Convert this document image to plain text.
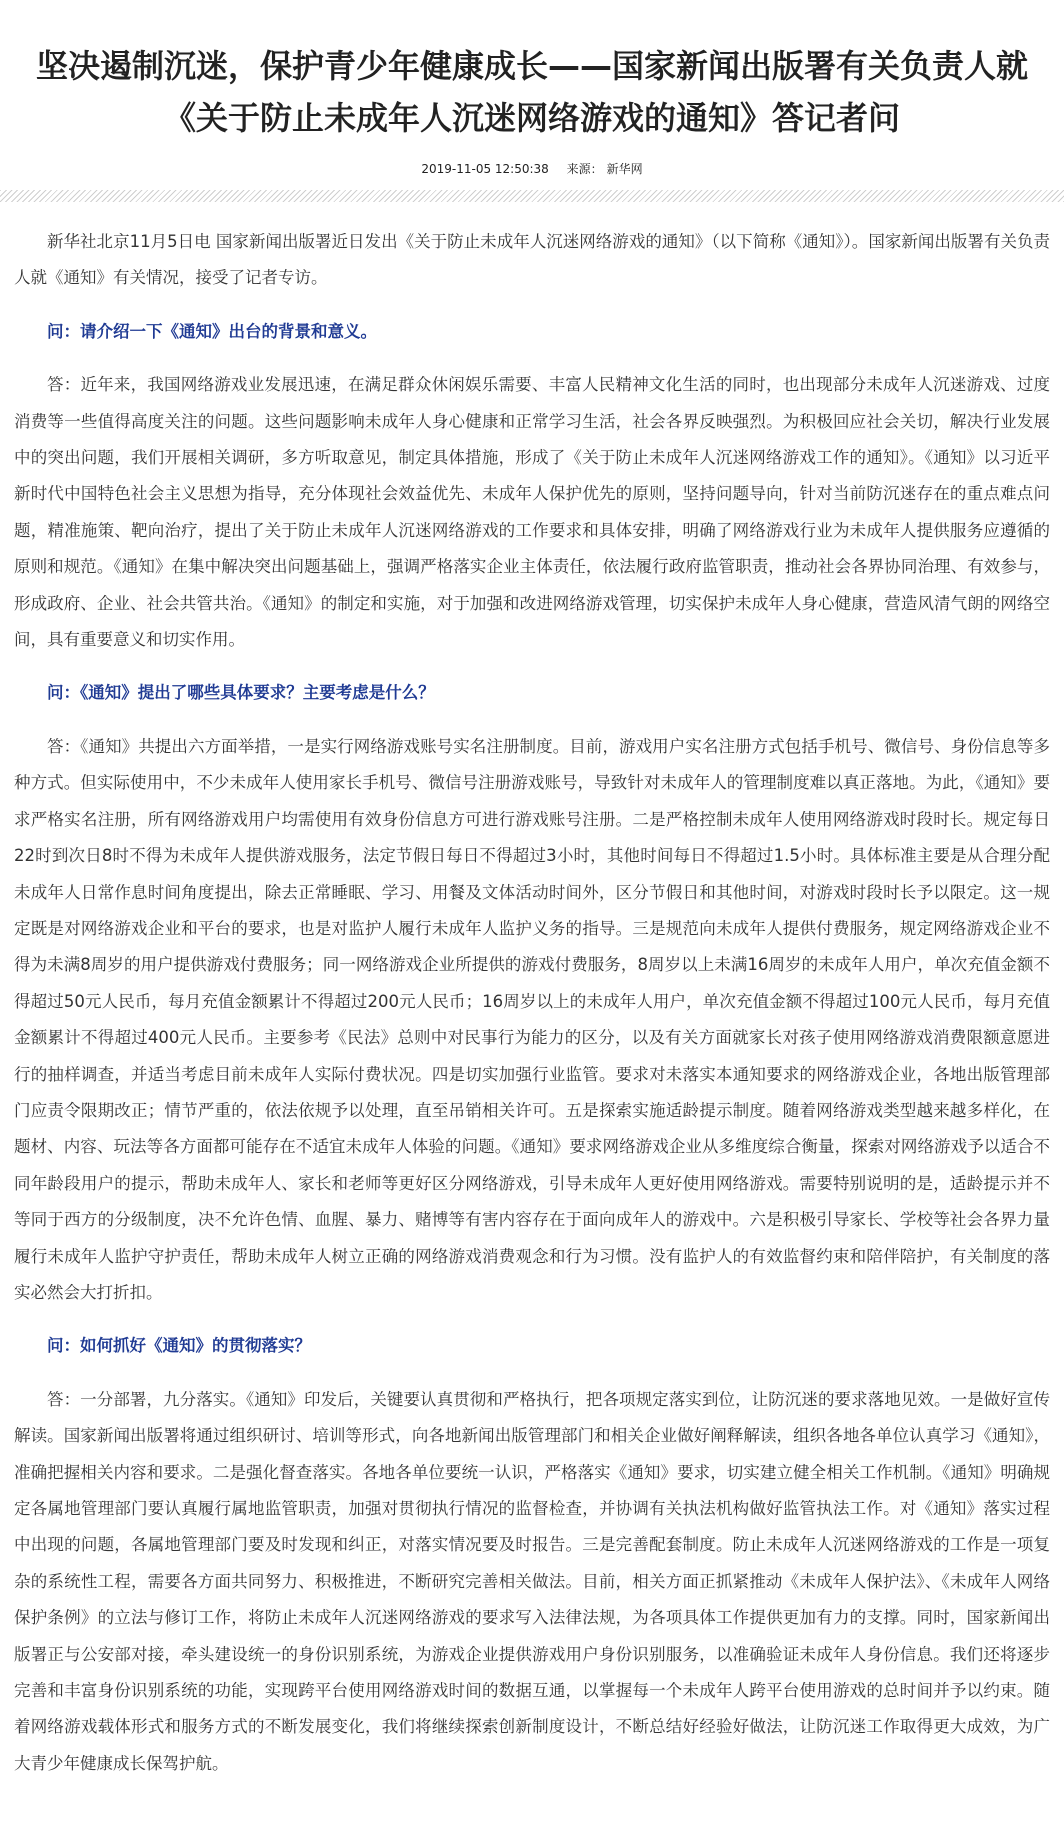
坚决遏制沉迷，保护青少年健康成长——国家新闻出版署有关负责人就《关于防止未成年人沉迷网络游戏的通知》答记者问
2019-11-05 12:50:38 来源： 新华网

新华社北京11月5日电 国家新闻出版署近日发出《关于防止未成年人沉迷网络游戏的通知》（以下简称《通知》）。国家新闻出版署有关负责人就《通知》有关情况，接受了记者专访。

问：请介绍一下《通知》出台的背景和意义。

答：近年来，我国网络游戏业发展迅速，在满足群众休闲娱乐需要、丰富人民精神文化生活的同时，也出现部分未成年人沉迷游戏、过度消费等一些值得高度关注的问题。这些问题影响未成年人身心健康和正常学习生活，社会各界反映强烈。为积极回应社会关切，解决行业发展中的突出问题，我们开展相关调研，多方听取意见，制定具体措施，形成了《关于防止未成年人沉迷网络游戏工作的通知》。《通知》以习近平新时代中国特色社会主义思想为指导，充分体现社会效益优先、未成年人保护优先的原则，坚持问题导向，针对当前防沉迷存在的重点难点问题，精准施策、靶向治疗，提出了关于防止未成年人沉迷网络游戏的工作要求和具体安排，明确了网络游戏行业为未成年人提供服务应遵循的原则和规范。《通知》在集中解决突出问题基础上，强调严格落实企业主体责任，依法履行政府监管职责，推动社会各界协同治理、有效参与，形成政府、企业、社会共管共治。《通知》的制定和实施，对于加强和改进网络游戏管理，切实保护未成年人身心健康，营造风清气朗的网络空间，具有重要意义和切实作用。

问：《通知》提出了哪些具体要求？主要考虑是什么？

答：《通知》共提出六方面举措，一是实行网络游戏账号实名注册制度。目前，游戏用户实名注册方式包括手机号、微信号、身份信息等多种方式。但实际使用中，不少未成年人使用家长手机号、微信号注册游戏账号，导致针对未成年人的管理制度难以真正落地。为此，《通知》要求严格实名注册，所有网络游戏用户均需使用有效身份信息方可进行游戏账号注册。二是严格控制未成年人使用网络游戏时段时长。规定每日22时到次日8时不得为未成年人提供游戏服务，法定节假日每日不得超过3小时，其他时间每日不得超过1.5小时。具体标准主要是从合理分配未成年人日常作息时间角度提出，除去正常睡眠、学习、用餐及文体活动时间外，区分节假日和其他时间，对游戏时段时长予以限定。这一规定既是对网络游戏企业和平台的要求，也是对监护人履行未成年人监护义务的指导。三是规范向未成年人提供付费服务，规定网络游戏企业不得为未满8周岁的用户提供游戏付费服务；同一网络游戏企业所提供的游戏付费服务，8周岁以上未满16周岁的未成年人用户，单次充值金额不得超过50元人民币，每月充值金额累计不得超过200元人民币；16周岁以上的未成年人用户，单次充值金额不得超过100元人民币，每月充值金额累计不得超过400元人民币。主要参考《民法》总则中对民事行为能力的区分，以及有关方面就家长对孩子使用网络游戏消费限额意愿进行的抽样调查，并适当考虑目前未成年人实际付费状况。四是切实加强行业监管。要求对未落实本通知要求的网络游戏企业，各地出版管理部门应责令限期改正；情节严重的，依法依规予以处理，直至吊销相关许可。五是探索实施适龄提示制度。随着网络游戏类型越来越多样化，在题材、内容、玩法等各方面都可能存在不适宜未成年人体验的问题。《通知》要求网络游戏企业从多维度综合衡量，探索对网络游戏予以适合不同年龄段用户的提示，帮助未成年人、家长和老师等更好区分网络游戏，引导未成年人更好使用网络游戏。需要特别说明的是，适龄提示并不等同于西方的分级制度，决不允许色情、血腥、暴力、赌博等有害内容存在于面向成年人的游戏中。六是积极引导家长、学校等社会各界力量履行未成年人监护守护责任，帮助未成年人树立正确的网络游戏消费观念和行为习惯。没有监护人的有效监督约束和陪伴陪护，有关制度的落实必然会大打折扣。

问：如何抓好《通知》的贯彻落实？

答：一分部署，九分落实。《通知》印发后，关键要认真贯彻和严格执行，把各项规定落实到位，让防沉迷的要求落地见效。一是做好宣传解读。国家新闻出版署将通过组织研讨、培训等形式，向各地新闻出版管理部门和相关企业做好阐释解读，组织各地各单位认真学习《通知》，准确把握相关内容和要求。二是强化督查落实。各地各单位要统一认识，严格落实《通知》要求，切实建立健全相关工作机制。《通知》明确规定各属地管理部门要认真履行属地监管职责，加强对贯彻执行情况的监督检查，并协调有关执法机构做好监管执法工作。对《通知》落实过程中出现的问题，各属地管理部门要及时发现和纠正，对落实情况要及时报告。三是完善配套制度。防止未成年人沉迷网络游戏的工作是一项复杂的系统性工程，需要各方面共同努力、积极推进，不断研究完善相关做法。目前，相关方面正抓紧推动《未成年人保护法》、《未成年人网络保护条例》的立法与修订工作，将防止未成年人沉迷网络游戏的要求写入法律法规，为各项具体工作提供更加有力的支撑。同时，国家新闻出版署正与公安部对接，牵头建设统一的身份识别系统，为游戏企业提供游戏用户身份识别服务，以准确验证未成年人身份信息。我们还将逐步完善和丰富身份识别系统的功能，实现跨平台使用网络游戏时间的数据互通，以掌握每一个未成年人跨平台使用游戏的总时间并予以约束。随着网络游戏载体形式和服务方式的不断发展变化，我们将继续探索创新制度设计，不断总结好经验好做法，让防沉迷工作取得更大成效，为广大青少年健康成长保驾护航。
